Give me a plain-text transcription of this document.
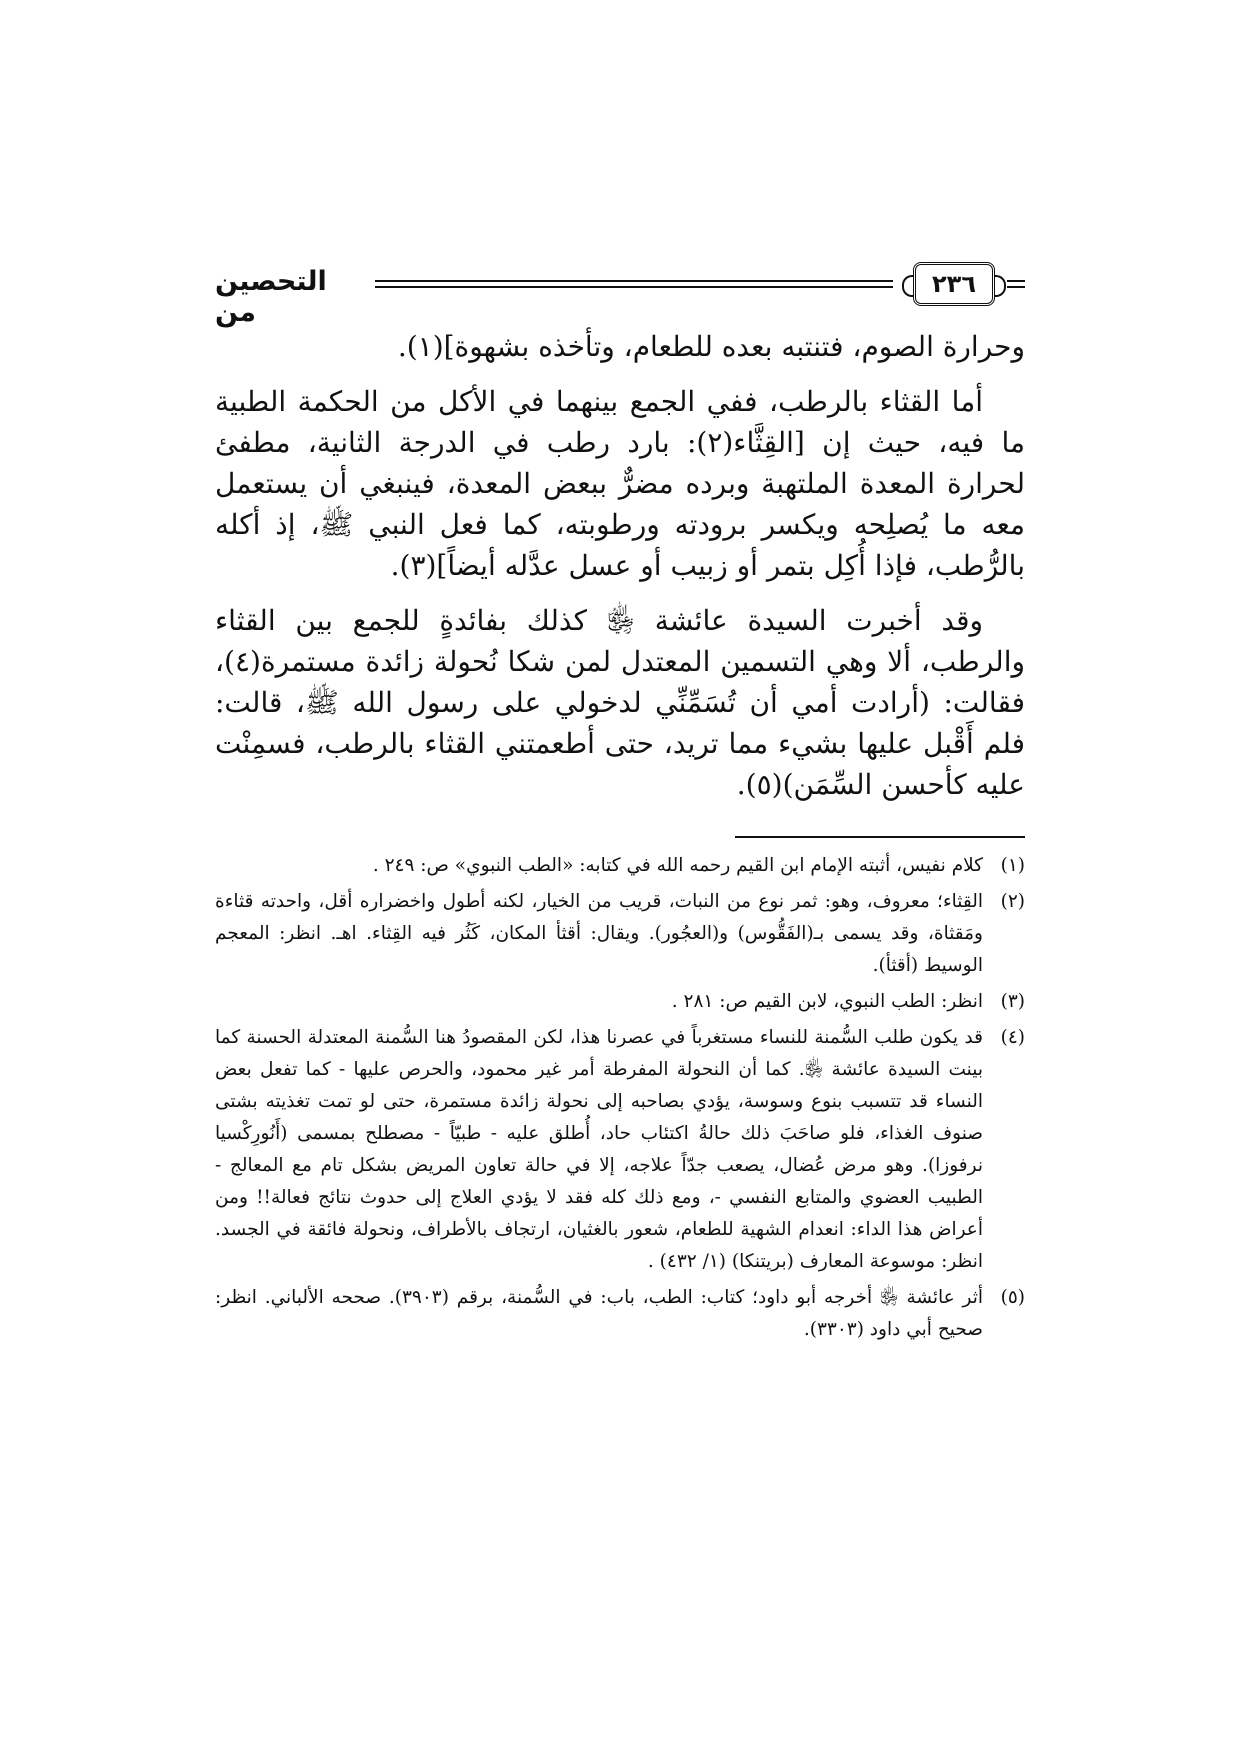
٢٣٦
التحصين من

وحرارة الصوم، فتنتبه بعده للطعام، وتأخذه بشهوة](١).

أما القثاء بالرطب، ففي الجمع بينهما في الأكل من الحكمة الطبية ما فيه، حيث إن [القِثَّاء(٢): بارد رطب في الدرجة الثانية، مطفئ لحرارة المعدة الملتهبة وبرده مضرٌّ ببعض المعدة، فينبغي أن يستعمل معه ما يُصلِحه ويكسر برودته ورطوبته، كما فعل النبي ﷺ، إذ أكله بالرُّطب، فإذا أُكِل بتمر أو زبيب أو عسل عدَّله أيضاً](٣).

وقد أخبرت السيدة عائشة ﵂ كذلك بفائدةٍ للجمع بين القثاء والرطب، ألا وهي التسمين المعتدل لمن شكا نُحولة زائدة مستمرة(٤)، فقالت: (أرادت أمي أن تُسَمِّنِّي لدخولي على رسول الله ﷺ، قالت: فلم أَقْبل عليها بشيء مما تريد، حتى أطعمتني القثاء بالرطب، فسمِنْت عليه كأحسن السِّمَن)(٥).

(١)
كلام نفيس، أثبته الإمام ابن القيم رحمه الله في كتابه: «الطب النبوي» ص: ٢٤٩ .
(٢)
القِثاء؛ معروف، وهو: ثمر نوع من النبات، قريب من الخيار، لكنه أطول واخضراره أقل، واحدته قثاءة ومَقثاة، وقد يسمى بـ(الفَقُّوس) و(العجُور). ويقال: أقثأ المكان، كَثُر فيه القِثاء. اهـ. انظر: المعجم الوسيط (أقثأ).
(٣)
انظر: الطب النبوي، لابن القيم ص: ٢٨١ .
(٤)
قد يكون طلب السُّمنة للنساء مستغرباً في عصرنا هذا، لكن المقصودُ هنا السُّمنة المعتدلة الحسنة كما بينت السيدة عائشة ﵂. كما أن النحولة المفرطة أمر غير محمود، والحرص عليها - كما تفعل بعض النساء قد تتسبب بنوع وسوسة، يؤدي بصاحبه إلى نحولة زائدة مستمرة، حتى لو تمت تغذيته بشتى صنوف الغذاء، فلو صاحَبَ ذلك حالةُ اكتئاب حاد، أُطلق عليه - طبيّاً - مصطلح بمسمى (أَنُورِكْسيا نرفوزا). وهو مرض عُضال، يصعب جدّاً علاجه، إلا في حالة تعاون المريض بشكل تام مع المعالج - الطبيب العضوي والمتابع النفسي -، ومع ذلك كله فقد لا يؤدي العلاج إلى حدوث نتائج فعالة!! ومن أعراض هذا الداء: انعدام الشهية للطعام، شعور بالغثيان، ارتجاف بالأطراف، ونحولة فائقة في الجسد. انظر: موسوعة المعارف (بريتنكا) (١/ ٤٣٢) .
(٥)
أثر عائشة ﵂ أخرجه أبو داود؛ كتاب: الطب، باب: في السُّمنة، برقم (٣٩٠٣). صححه الألباني. انظر: صحيح أبي داود (٣٣٠٣).
